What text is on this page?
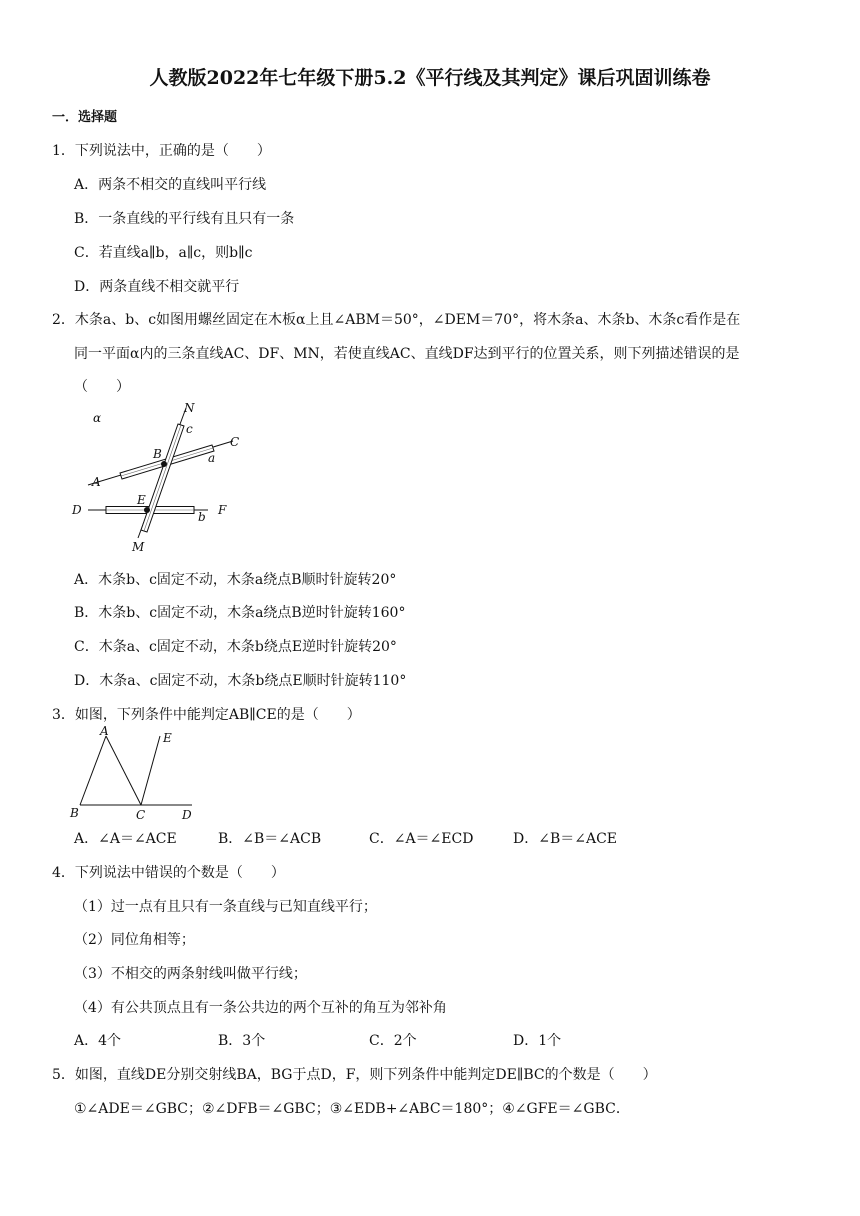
人教版2022年七年级下册5.2《平行线及其判定》课后巩固训练卷
一．选择题
1．下列说法中，正确的是（　　）
A．两条不相交的直线叫平行线
B．一条直线的平行线有且只有一条
C．若直线a∥b，a∥c，则b∥c
D．两条直线不相交就平行
2．木条a、b、c如图用螺丝固定在木板α上且∠ABM＝50°，∠DEM＝70°，将木条a、木条b、木条c看作是在
同一平面α内的三条直线AC、DF、MN，若使直线AC、直线DF达到平行的位置关系，则下列描述错误的是
（　　）
α
N
c
C
B	a
A
E
D	b F
M
A．木条b、c固定不动，木条a绕点B顺时针旋转20°
B．木条b、c固定不动，木条a绕点B逆时针旋转160°
C．木条a、c固定不动，木条b绕点E逆时针旋转20°
D．木条a、c固定不动，木条b绕点E顺时针旋转110°
3．如图，下列条件中能判定AB∥CE的是（　　）
A	E
B	C	D
A．∠A＝∠ACE	B．∠B＝∠ACB	C．∠A＝∠ECD	D．∠B＝∠ACE
4．下列说法中错误的个数是（　　）
（1）过一点有且只有一条直线与已知直线平行；
（2）同位角相等；
（3）不相交的两条射线叫做平行线；
（4）有公共顶点且有一条公共边的两个互补的角互为邻补角
A．4个	B．3个	C．2个	D．1个
5．如图，直线DE分别交射线BA，BG于点D，F，则下列条件中能判定DE∥BC的个数是（　　）
①∠ADE＝∠GBC；②∠DFB＝∠GBC；③∠EDB+∠ABC＝180°；④∠GFE＝∠GBC．
